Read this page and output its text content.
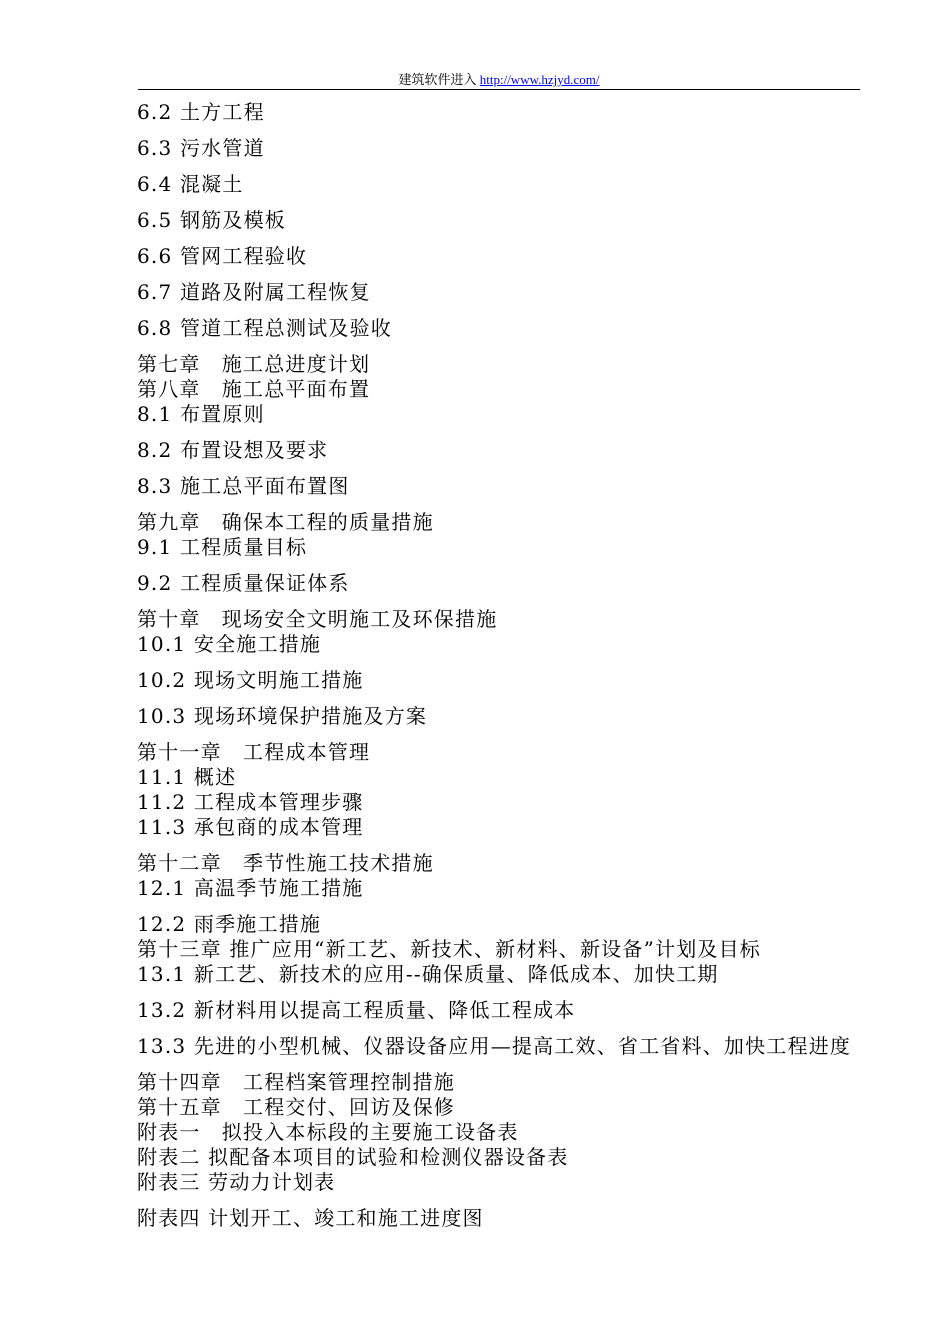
建筑软件进入 http://www.hzjyd.com/
6.2 土方工程
6.3 污水管道
6.4 混凝土
6.5 钢筋及模板
6.6 管网工程验收
6.7 道路及附属工程恢复
6.8 管道工程总测试及验收
第七章　施工总进度计划
第八章　施工总平面布置
8.1 布置原则
8.2 布置设想及要求
8.3 施工总平面布置图
第九章　确保本工程的质量措施
9.1 工程质量目标
9.2 工程质量保证体系
第十章　现场安全文明施工及环保措施
10.1 安全施工措施
10.2 现场文明施工措施
10.3 现场环境保护措施及方案
第十一章　工程成本管理
11.1 概述
11.2 工程成本管理步骤
11.3 承包商的成本管理
第十二章　季节性施工技术措施
12.1 高温季节施工措施
12.2 雨季施工措施
第十三章 推广应用“新工艺、新技术、新材料、新设备”计划及目标
13.1 新工艺、新技术的应用--确保质量、降低成本、加快工期
13.2 新材料用以提高工程质量、降低工程成本
13.3 先进的小型机械、仪器设备应用—提高工效、省工省料、加快工程进度
第十四章　工程档案管理控制措施
第十五章　工程交付、回访及保修
附表一　拟投入本标段的主要施工设备表
附表二 拟配备本项目的试验和检测仪器设备表
附表三 劳动力计划表
附表四 计划开工、竣工和施工进度图
